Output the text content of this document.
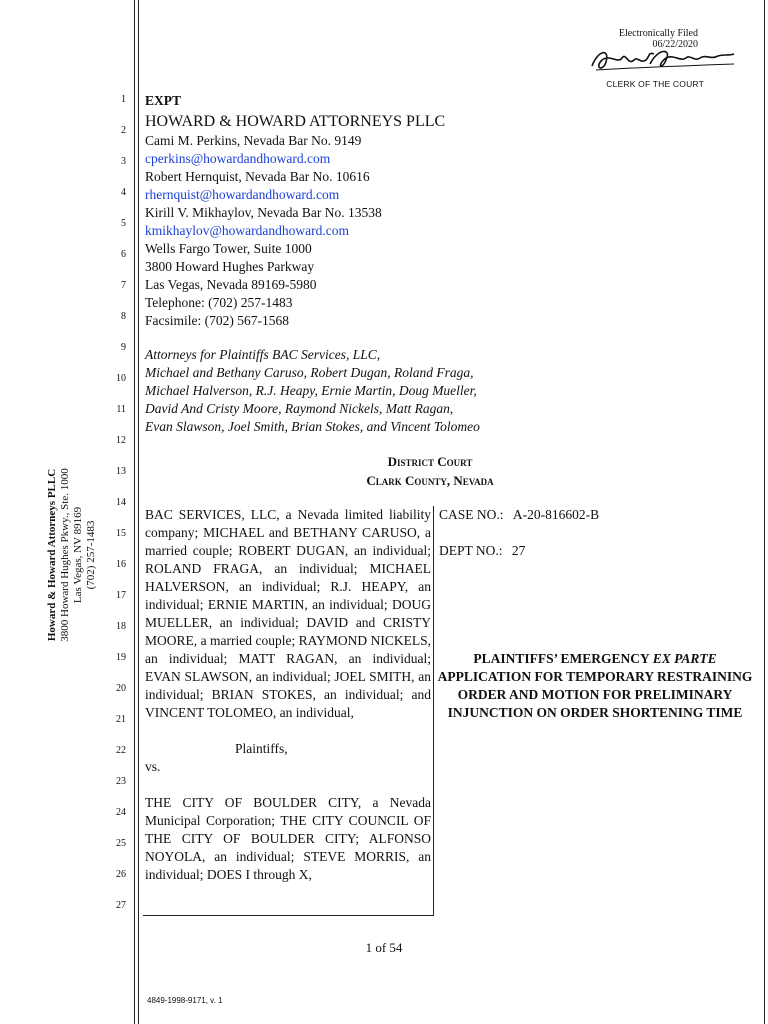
Electronically Filed
06/22/2020
CLERK OF THE COURT
Howard & Howard Attorneys PLLC 3800 Howard Hughes Pkwy., Ste. 1000 Las Vegas, NV 89169 (702) 257-1483
1
2
3
4
5
6
7
8
9
10
11
12
13
14
15
16
17
18
19
20
21
22
23
24
25
26
27
EXPT
HOWARD & HOWARD ATTORNEYS PLLC
Cami M. Perkins, Nevada Bar No. 9149
cperkins@howardandhoward.com
Robert Hernquist, Nevada Bar No. 10616
rhernquist@howardandhoward.com
Kirill V. Mikhaylov, Nevada Bar No. 13538
kmikhaylov@howardandhoward.com
Wells Fargo Tower, Suite 1000
3800 Howard Hughes Parkway
Las Vegas, Nevada 89169-5980
Telephone: (702) 257-1483
Facsimile: (702) 567-1568
Attorneys for Plaintiffs BAC Services, LLC,
Michael and Bethany Caruso, Robert Dugan, Roland Fraga,
Michael Halverson, R.J. Heapy, Ernie Martin, Doug Mueller,
David And Cristy Moore, Raymond Nickels, Matt Ragan,
Evan Slawson, Joel Smith, Brian Stokes, and Vincent Tolomeo
District Court
Clark County, Nevada

BAC SERVICES, LLC, a Nevada limited liability company; MICHAEL and BETHANY CARUSO, a married couple; ROBERT DUGAN, an individual; ROLAND FRAGA, an individual; MICHAEL HALVERSON, an individual; R.J. HEAPY, an individual; ERNIE MARTIN, an individual; DOUG MUELLER, an individual; DAVID and CRISTY MOORE, a married couple; RAYMOND NICKELS, an individual; MATT RAGAN, an individual; EVAN SLAWSON, an individual; JOEL SMITH, an individual; BRIAN STOKES, an individual; and VINCENT TOLOMEO, an individual,

Plaintiffs,

vs.

THE CITY OF BOULDER CITY, a Nevada Municipal Corporation; THE CITY COUNCIL OF THE CITY OF BOULDER CITY; ALFONSO NOYOLA, an individual; STEVE MORRIS, an individual; DOES I through X,

CASE NO.: A-20-816602-B
DEPT NO.: 27
PLAINTIFFS’ EMERGENCY EX PARTE APPLICATION FOR TEMPORARY RESTRAINING ORDER AND MOTION FOR PRELIMINARY INJUNCTION ON ORDER SHORTENING TIME
1 of 54
4849-1998-9171, v. 1
